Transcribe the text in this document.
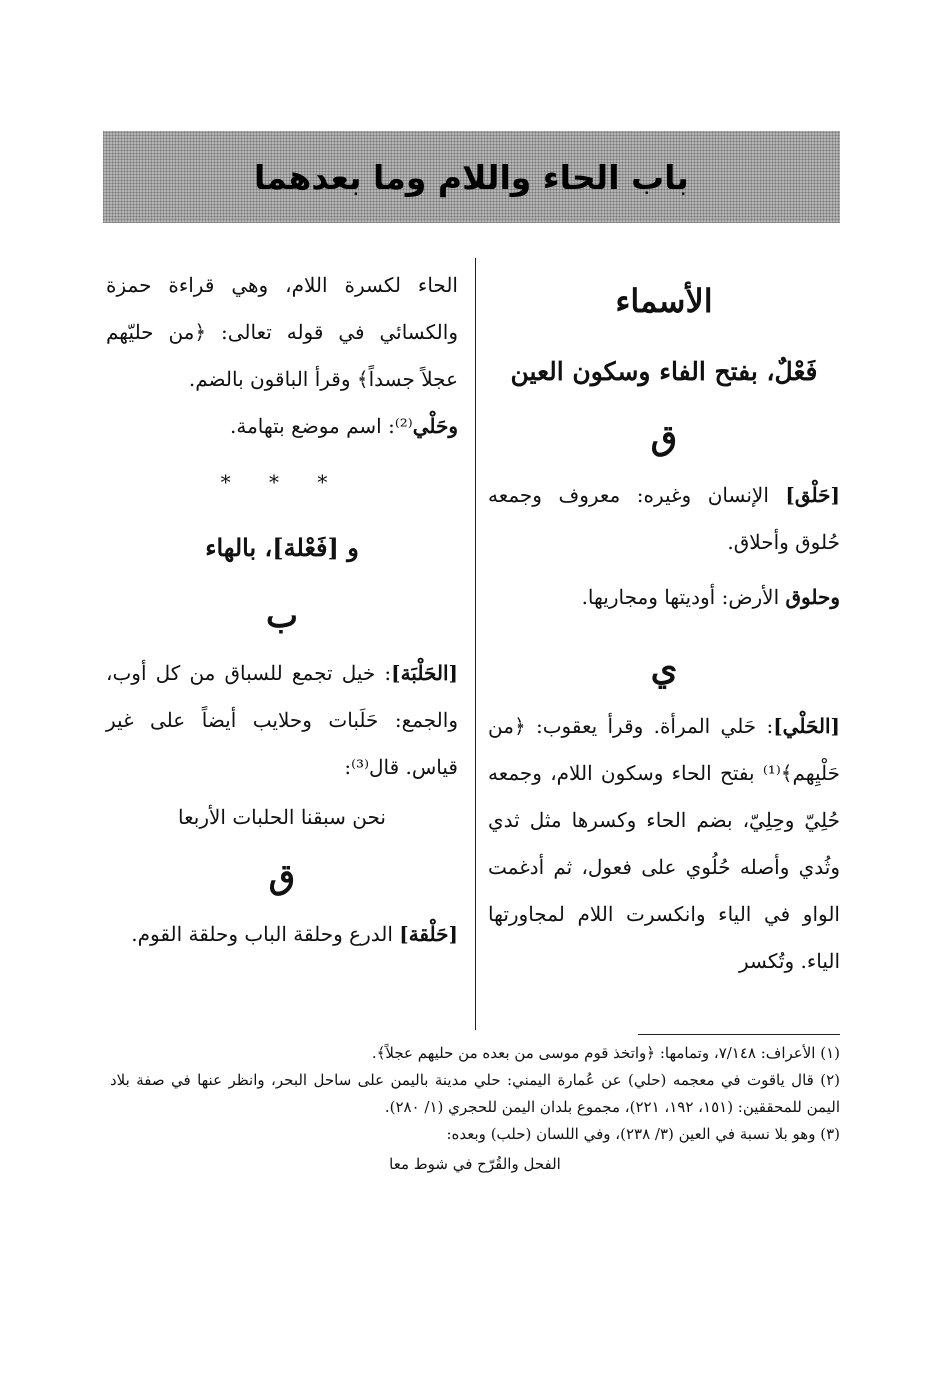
باب الحاء واللام وما بعدهما
الأسماء
فَعْلٌ، بفتح الفاء وسكون العين
ق

[حَلْق] الإنسان وغيره: معروف وجمعه حُلوق وأحلاق.

وحلوق الأرض: أوديتها ومجاريها.

ي

[الحَلْي]: حَلي المرأة. وقرأ يعقوب: ﴿من حَلْيِهم﴾⁽¹⁾ بفتح الحاء وسكون اللام، وجمعه حُلِيّ وحِلِيّ، بضم الحاء وكسرها مثل ثدي وثُدي وأصله حُلُوي على فعول، ثم أدغمت الواو في الياء وانكسرت اللام لمجاورتها الياء. وتُكسر

الحاء لكسرة اللام، وهي قراءة حمزة والكسائي في قوله تعالى: ﴿من حليّهم عجلاً جسداً﴾ وقرأ الباقون بالضم.

وحَلْي⁽²⁾: اسم موضع بتهامة.

* * *
و [فَعْلة]، بالهاء
ب

[الحَلْبَة]: خيل تجمع للسباق من كل أوب، والجمع: حَلَبات وحلايب أيضاً على غير قياس. قال⁽³⁾:

نحن سبقنا الحلبات الأربعا

ق

[حَلْقة] الدرع وحلقة الباب وحلقة القوم.

(١) الأعراف: ٧/١٤٨، وتمامها: ﴿واتخذ قوم موسى من بعده من حليهم عجلاً﴾.

(٢) قال ياقوت في معجمه (حلي) عن عُمارة اليمني: حلي مدينة باليمن على ساحل البحر، وانظر عنها في صفة بلاد اليمن للمحققين: (١٥١، ١٩٢، ٢٢١)، مجموع بلدان اليمن للحجري (١/ ٢٨٠).

(٣) وهو بلا نسبة في العين (٣/ ٢٣٨)، وفي اللسان (حلب) وبعده:

الفحل والقُرّح في شوط معا
